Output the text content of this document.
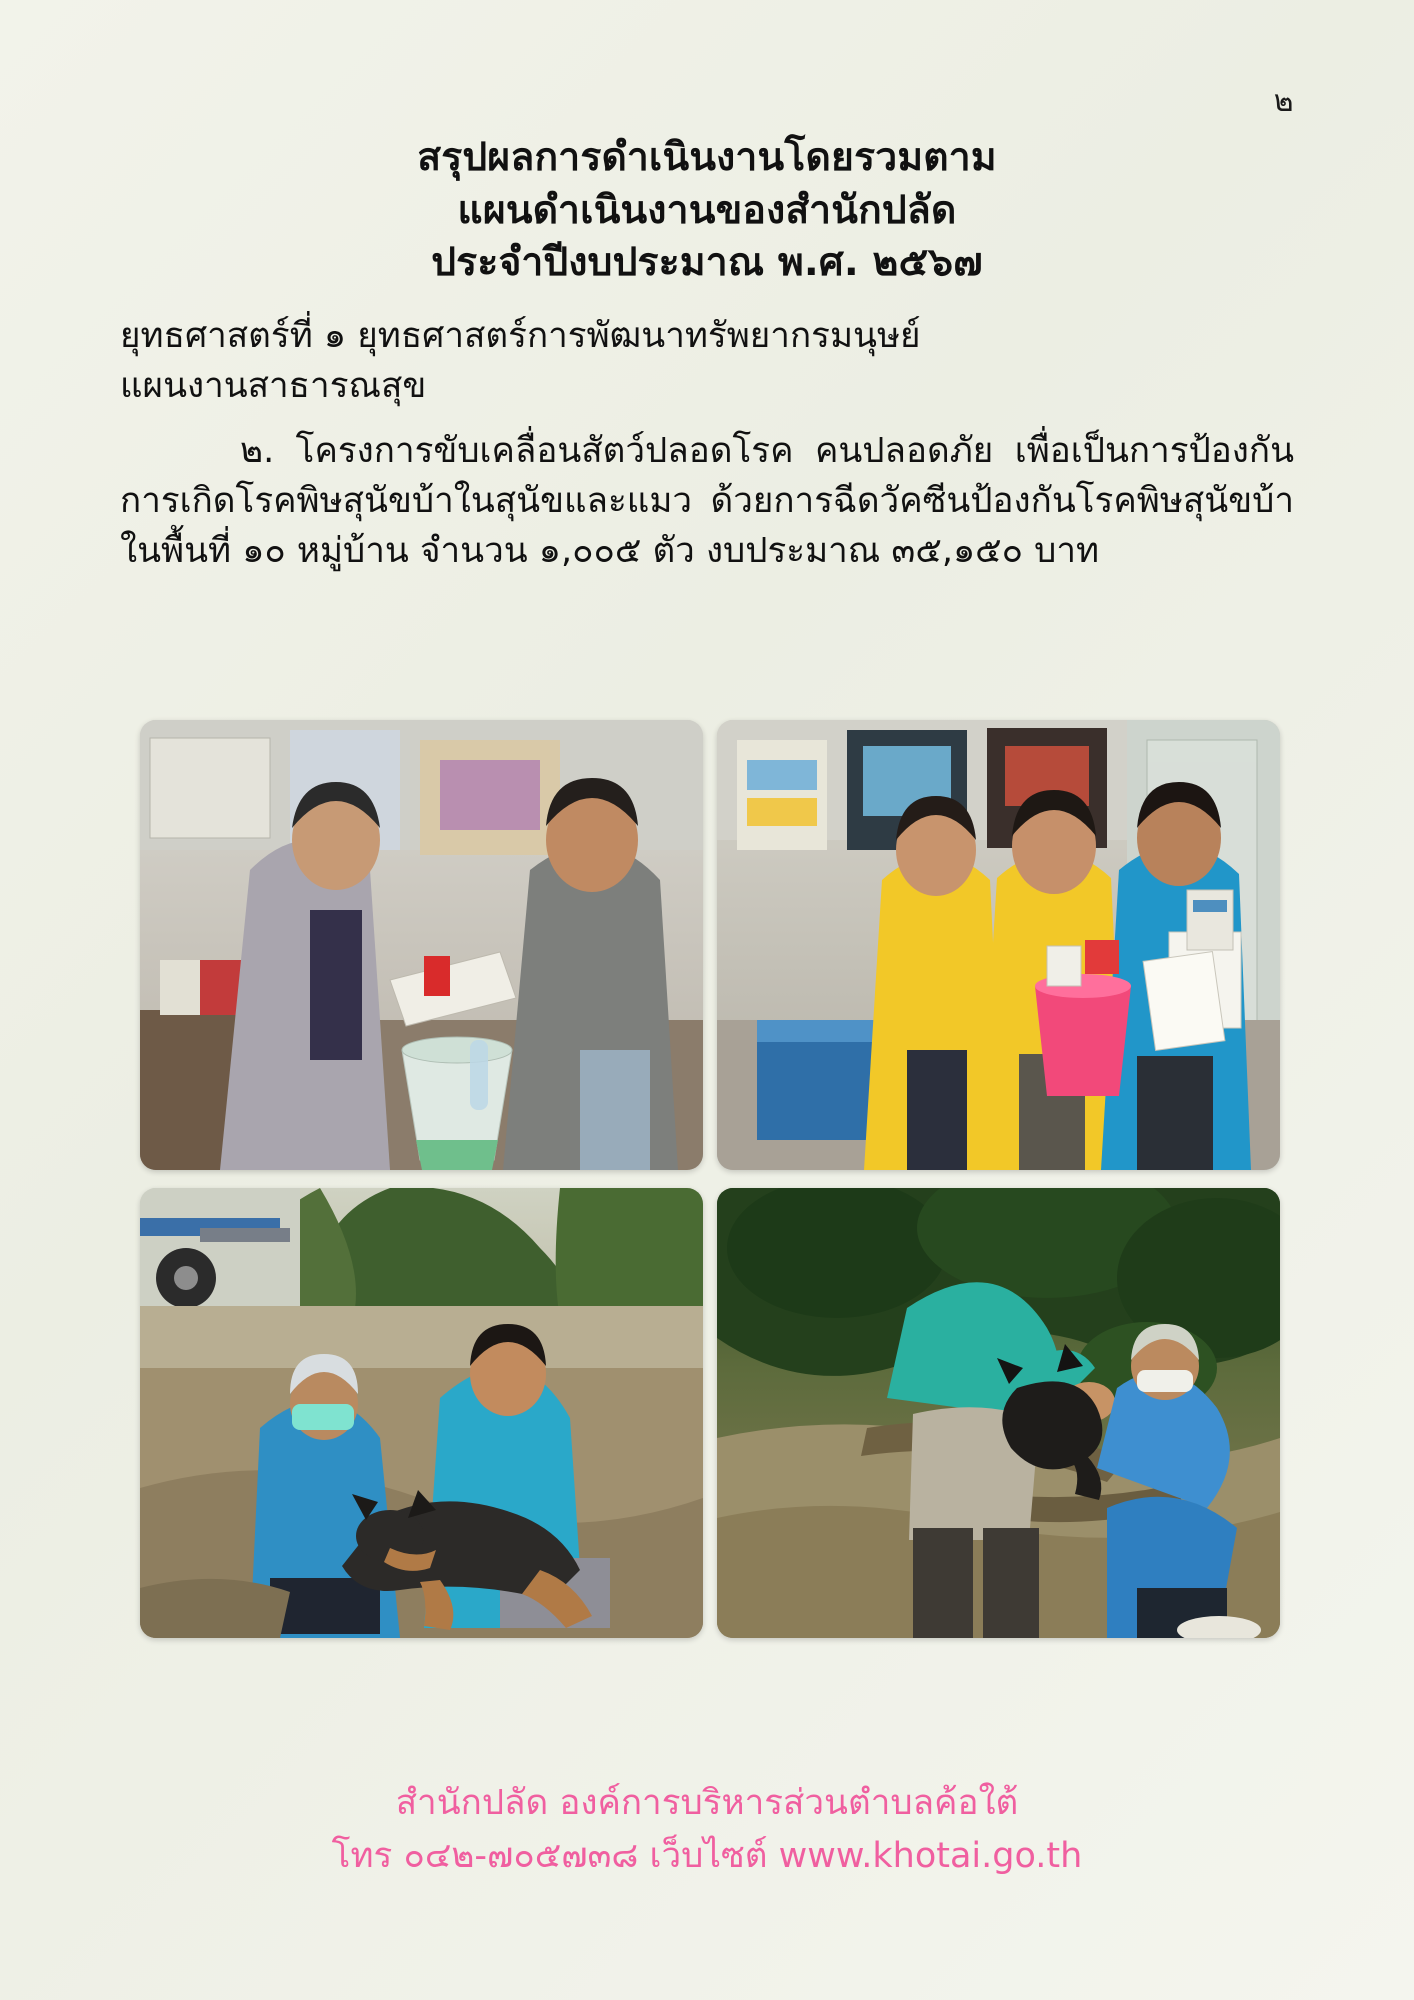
๒
สรุปผลการดำเนินงานโดยรวมตาม
แผนดำเนินงานของสำนักปลัด
ประจำปีงบประมาณ พ.ศ. ๒๕๖๗
ยุทธศาสตร์ที่ ๑ ยุทธศาสตร์การพัฒนาทรัพยากรมนุษย์
แผนงานสาธารณสุข
๒. โครงการขับเคลื่อนสัตว์ปลอดโรค คนปลอดภัย เพื่อเป็นการป้องกันการเกิดโรคพิษสุนัขบ้าในสุนัขและแมว ด้วยการฉีดวัคซีนป้องกันโรคพิษสุนัขบ้าในพื้นที่ ๑๐ หมู่บ้าน จำนวน ๑,๐๐๕ ตัว งบประมาณ ๓๕,๑๕๐ บาท
สำนักปลัด องค์การบริหารส่วนตำบลค้อใต้
โทร ๐๔๒-๗๐๕๗๓๘ เว็บไซต์ www.khotai.go.th
